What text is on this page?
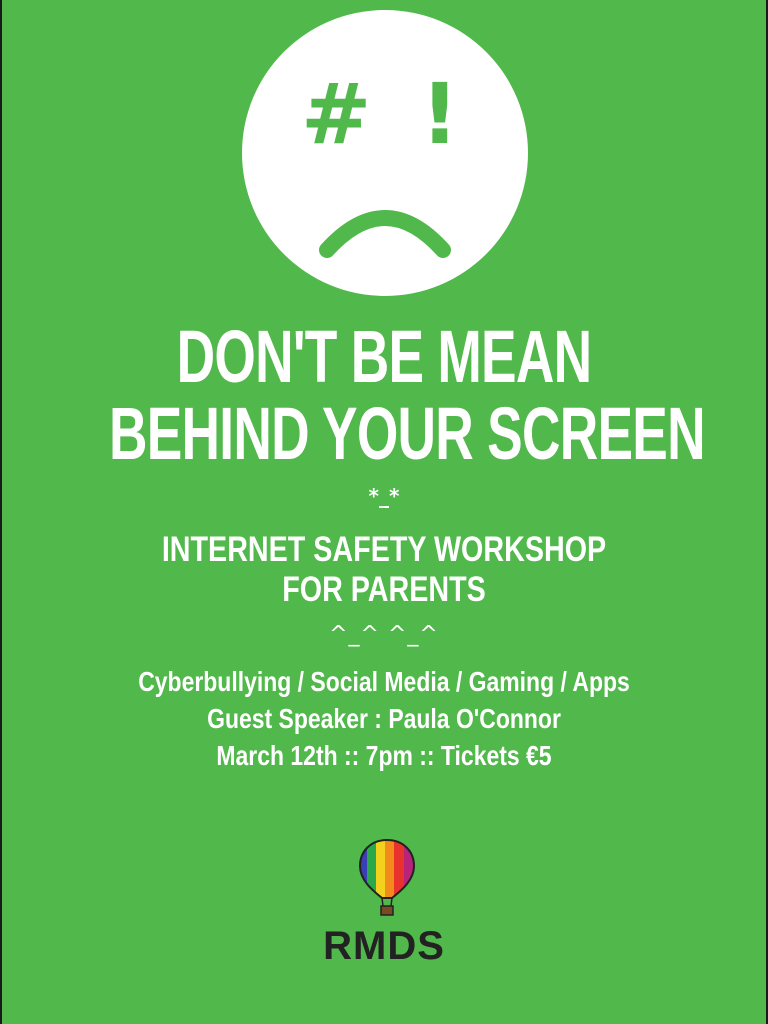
# !
DON'T BE MEAN
BEHIND YOUR SCREEN
*_*
INTERNET SAFETY WORKSHOP
FOR PARENTS
^_^ ^_^
Cyberbullying / Social Media / Gaming / Apps
Guest Speaker : Paula O'Connor
March 12th :: 7pm :: Tickets €5
RMDS
